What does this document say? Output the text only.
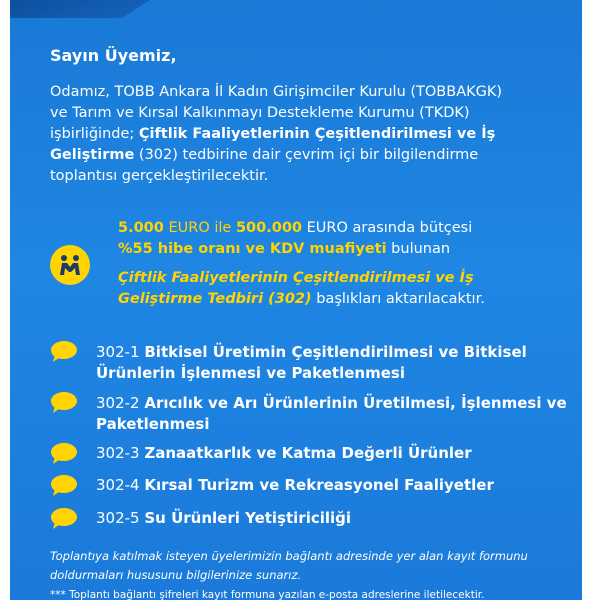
Sayın Üyemiz,
Odamız, TOBB Ankara İl Kadın Girişimciler Kurulu (TOBBAKGK)
ve Tarım ve Kırsal Kalkınmayı Destekleme Kurumu (TKDK)
işbirliğinde; Çiftlik Faaliyetlerinin Çeşitlendirilmesi ve İş
Geliştirme (302) tedbirine dair çevrim içi bir bilgilendirme
toplantısı gerçekleştirilecektir.
5.000 EURO ile 500.000 EURO arasında bütçesi
%55 hibe oranı ve KDV muafiyeti bulunan
Çiftlik Faaliyetlerinin Çeşitlendirilmesi ve İş
Geliştirme Tedbiri (302) başlıkları aktarılacaktır.
302-1 Bitkisel Üretimin Çeşitlendirilmesi ve Bitkisel
Ürünlerin İşlenmesi ve Paketlenmesi
302-2 Arıcılık ve Arı Ürünlerinin Üretilmesi, İşlenmesi ve
Paketlenmesi
302-3 Zanaatkarlık ve Katma Değerli Ürünler
302-4 Kırsal Turizm ve Rekreasyonel Faaliyetler
302-5 Su Ürünleri Yetiştiriciliği
Toplantıya katılmak isteyen üyelerimizin bağlantı adresinde yer alan kayıt formunu
doldurmaları hususunu bilgilerinize sunarız.
*** Toplantı bağlantı şifreleri kayıt formuna yazılan e-posta adreslerine iletilecektir.
